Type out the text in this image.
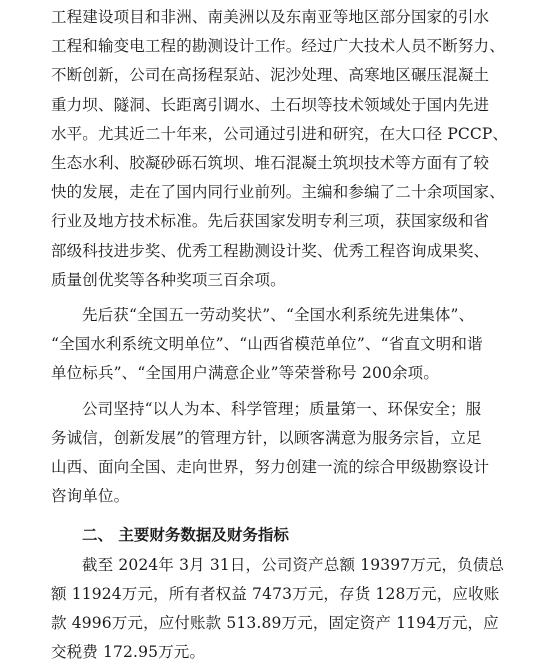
工程建设项目和非洲、南美洲以及东南亚等地区部分国家的引水
工程和输变电工程的勘测设计工作。经过广大技术人员不断努力、
不断创新，公司在高扬程泵站、泥沙处理、高寒地区碾压混凝土
重力坝、隧洞、长距离引调水、土石坝等技术领域处于国内先进
水平。尤其近二十年来，公司通过引进和研究，在大口径 PCCP、
生态水利、胶凝砂砾石筑坝、堆石混凝土筑坝技术等方面有了较
快的发展，走在了国内同行业前列。主编和参编了二十余项国家、
行业及地方技术标准。先后获国家发明专利三项，获国家级和省
部级科技进步奖、优秀工程勘测设计奖、优秀工程咨询成果奖、
质量创优奖等各种奖项三百余项。
先后获“全国五一劳动奖状”、“全国水利系统先进集体”、
“全国水利系统文明单位”、“山西省模范单位”、“省直文明和谐
单位标兵”、“全国用户满意企业”等荣誉称号 200余项。
公司坚持“以人为本、科学管理；质量第一、环保安全；服
务诚信，创新发展”的管理方针，以顾客满意为服务宗旨，立足
山西、面向全国、走向世界，努力创建一流的综合甲级勘察设计
咨询单位。
二、 主要财务数据及财务指标
截至 2024年 3月 31日，公司资产总额 19397万元，负债总
额 11924万元，所有者权益 7473万元，存货 128万元，应收账
款 4996万元，应付账款 513.89万元，固定资产 1194万元，应
交税费 172.95万元。
